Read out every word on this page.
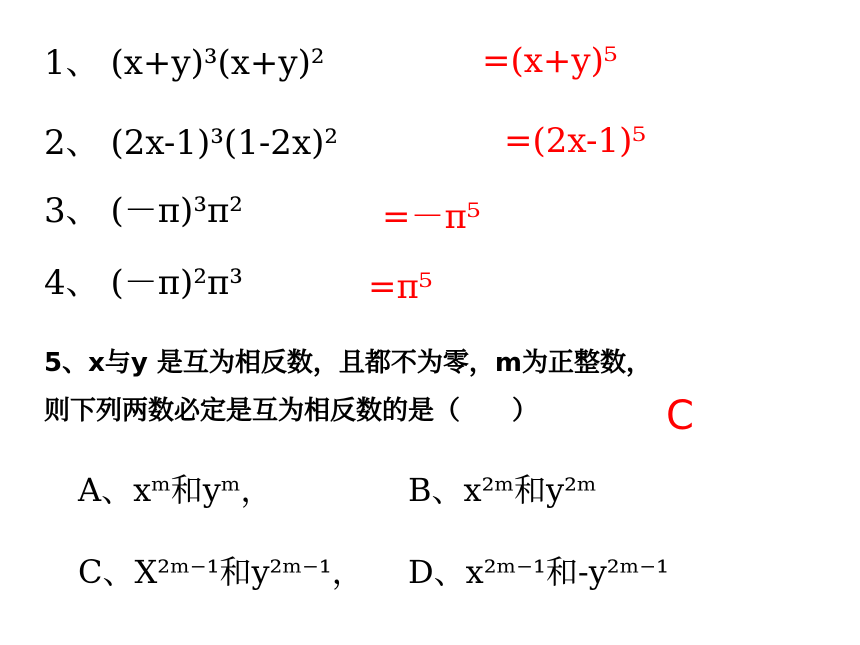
1、 (x+y)³(x+y)²	=(x+y)⁵
2、 (2x-1)³(1-2x)²	=(2x-1)⁵
3、 (－π)³π²	=－π⁵
4、 (－π)²π³	=π⁵
5、x与y 是互为相反数，且都不为零，m为正整数，
则下列两数必定是互为相反数的是（　　）	C
A、xᵐ和yᵐ，	B、x²ᵐ和y²ᵐ
C、X²ᵐ⁻¹和y²ᵐ⁻¹， D、x²ᵐ⁻¹和-y²ᵐ⁻¹
